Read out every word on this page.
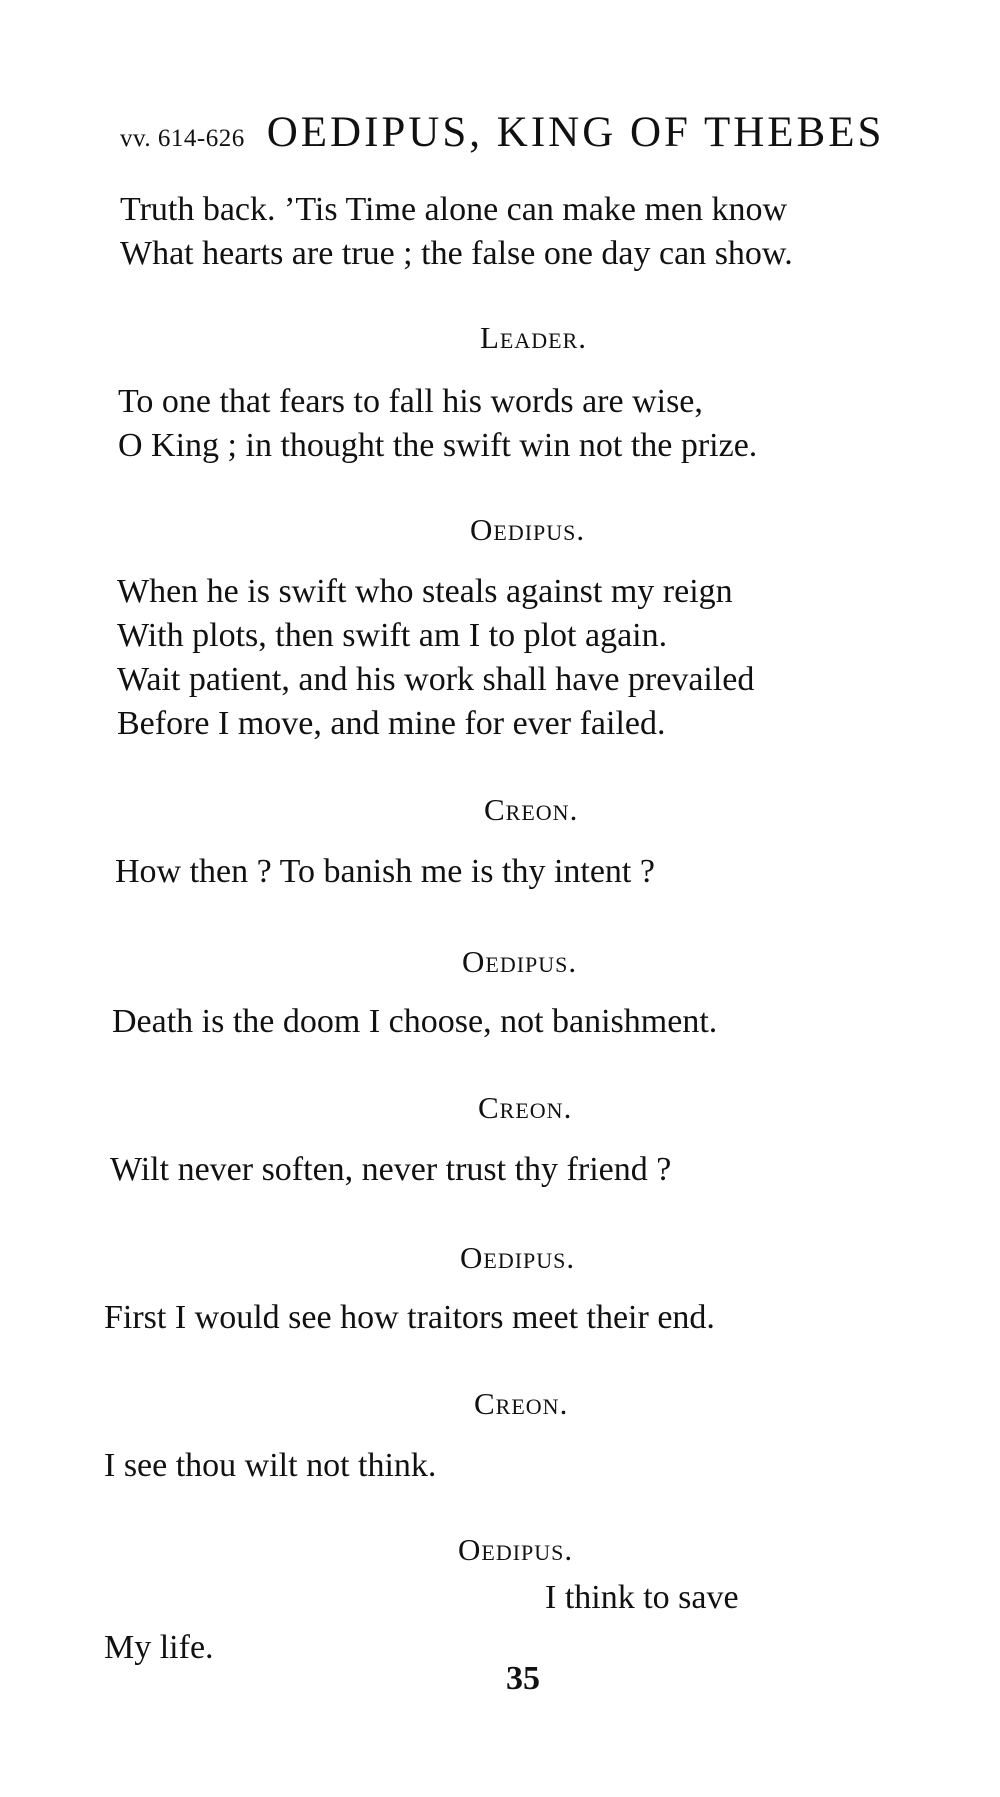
vv. 614-626 OEDIPUS, KING OF THEBES
Truth back. ’Tis Time alone can make men know
What hearts are true ; the false one day can show.
Leader.
To one that fears to fall his words are wise,
O King ; in thought the swift win not the prize.
Oedipus.
When he is swift who steals against my reign
With plots, then swift am I to plot again.
Wait patient, and his work shall have prevailed
Before I move, and mine for ever failed.
Creon.
How then ? To banish me is thy intent ?
Oedipus.
Death is the doom I choose, not banishment.
Creon.
Wilt never soften, never trust thy friend ?
Oedipus.
First I would see how traitors meet their end.
Creon.
I see thou wilt not think.
Oedipus.
I think to save
My life.
35
